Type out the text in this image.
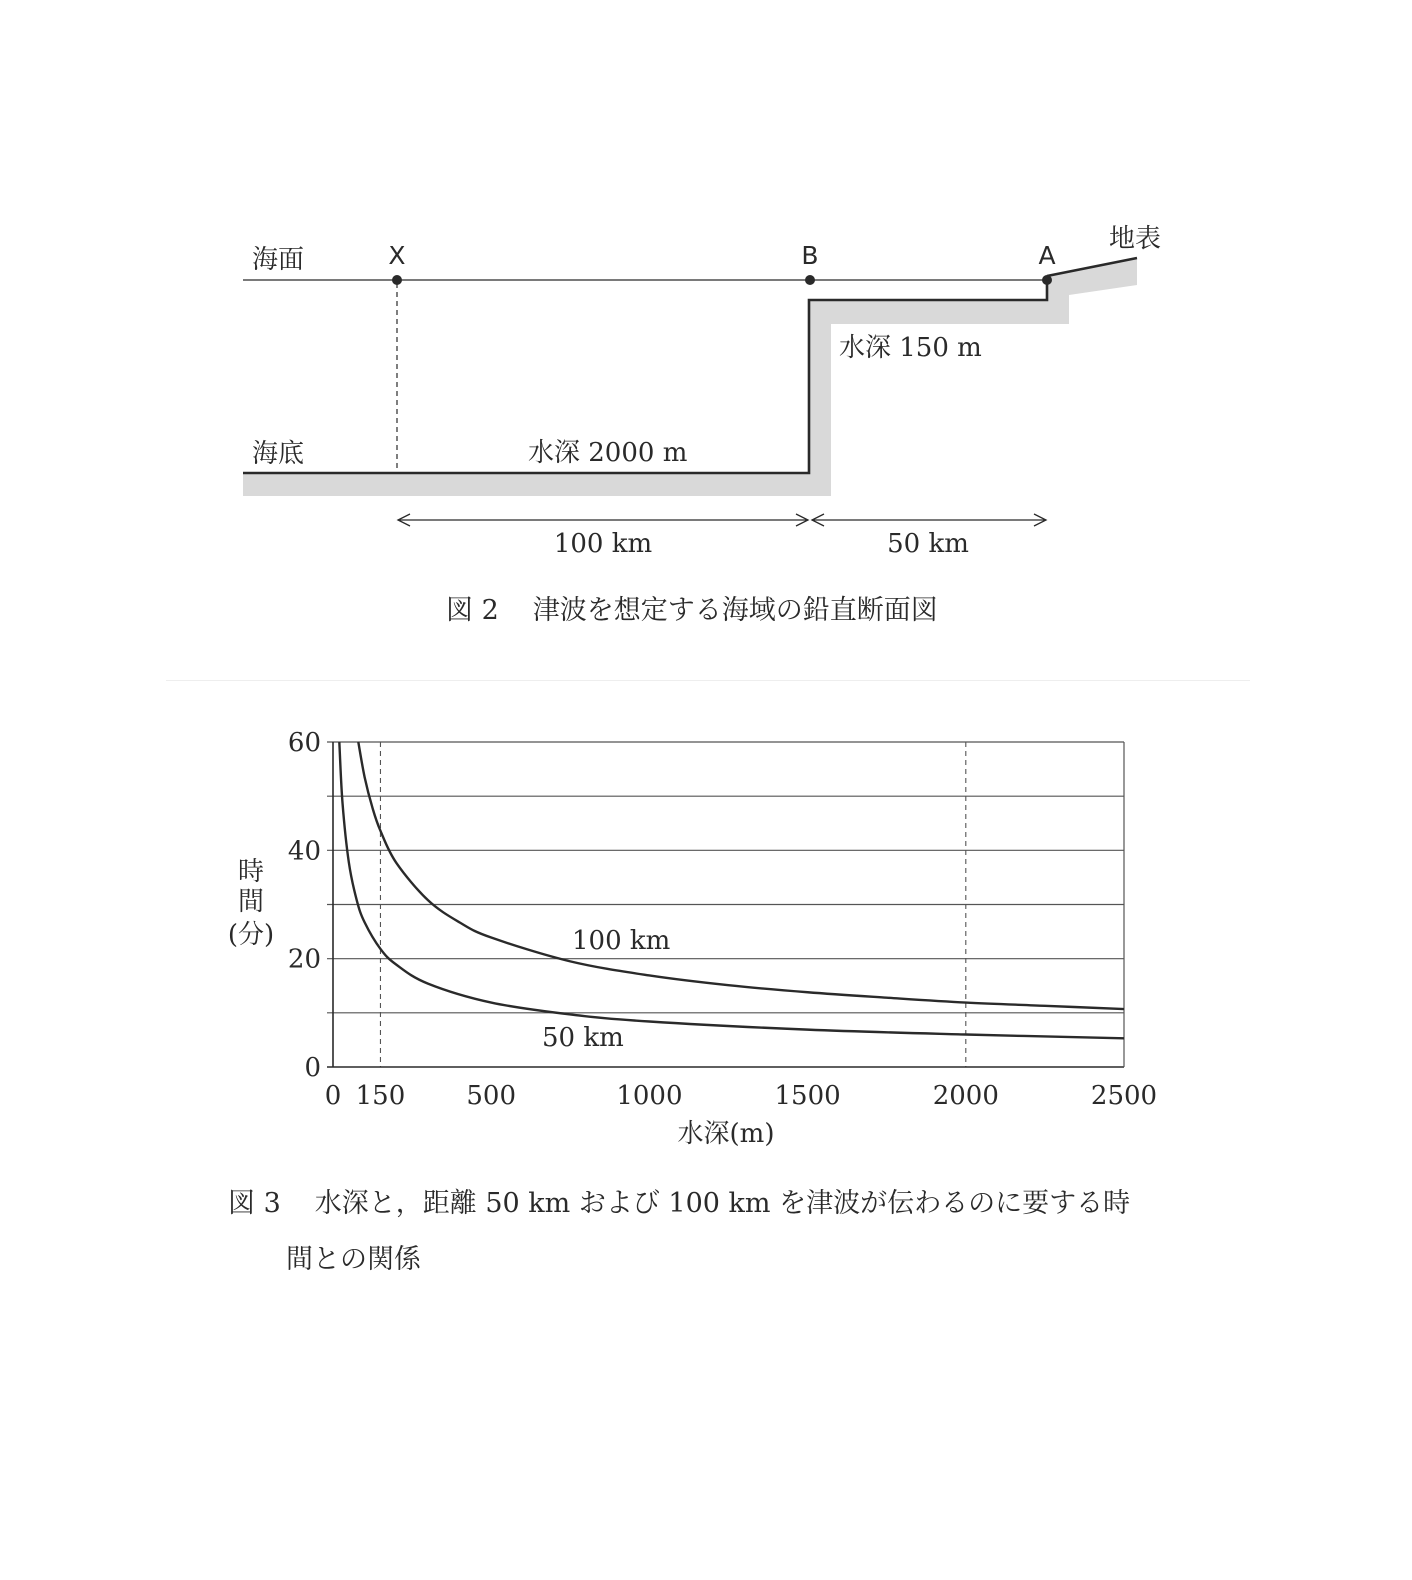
X	B	A
海面
海底
地表
水深 2000 m
水深 150 m
100 km	50 km
図 2 津波を想定する海域の鉛直断面図
0 150 500	1000	1500	2000	2500
0
20
40
60
水深(m)
時
間
(分)	100 km
50 km
図 3 水深と，距離 50 km および 100 km を津波が伝わるのに要する時
間との関係
